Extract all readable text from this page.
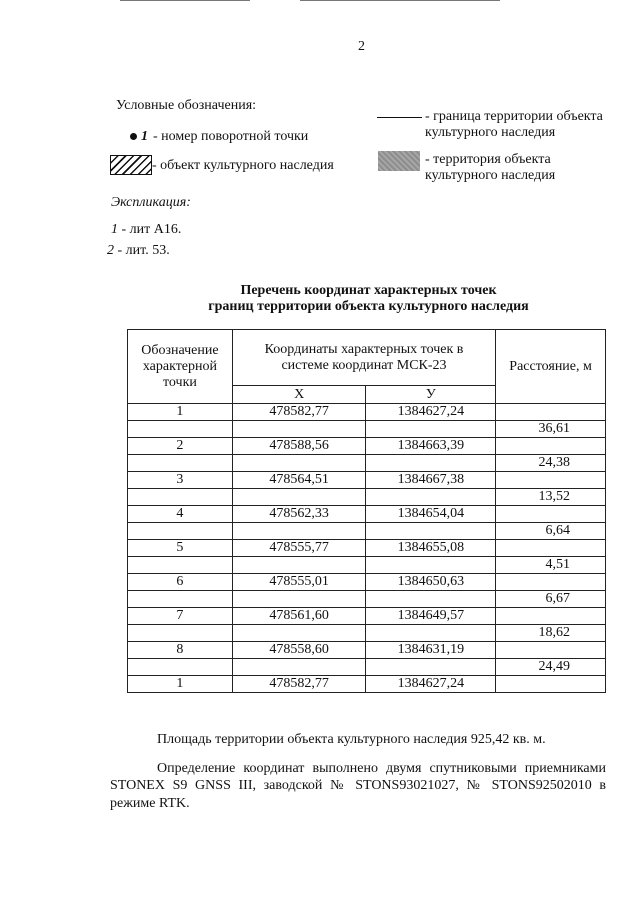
2
Условные обозначения:
1 - номер поворотной точки
- объект культурного наследия
- граница территории объекта
культурного наследия
- территория объекта
культурного наследия
Экспликация:
1 - лит А16.
2 - лит. 53.
Перечень координат характерных точек
границ территории объекта культурного наследия
Обозначение
характерной
точки	Координаты характерных точек в
системе координат МСК-23		Расстояние, м
	X	У	
1	478582,77	1384627,24	
			36,61
2	478588,56	1384663,39	
			24,38
3	478564,51	1384667,38	
			13,52
4	478562,33	1384654,04	
			6,64
5	478555,77	1384655,08	
			4,51
6	478555,01	1384650,63	
			6,67
7	478561,60	1384649,57	
			18,62
8	478558,60	1384631,19	
			24,49
1	478582,77	1384627,24	
Площадь территории объекта культурного наследия 925,42 кв. м.
Определение координат выполнено двумя спутниковыми приемниками
STONEX S9 GNSS III, заводской № STONS93021027, № STONS92502010 в
режиме RTK.
